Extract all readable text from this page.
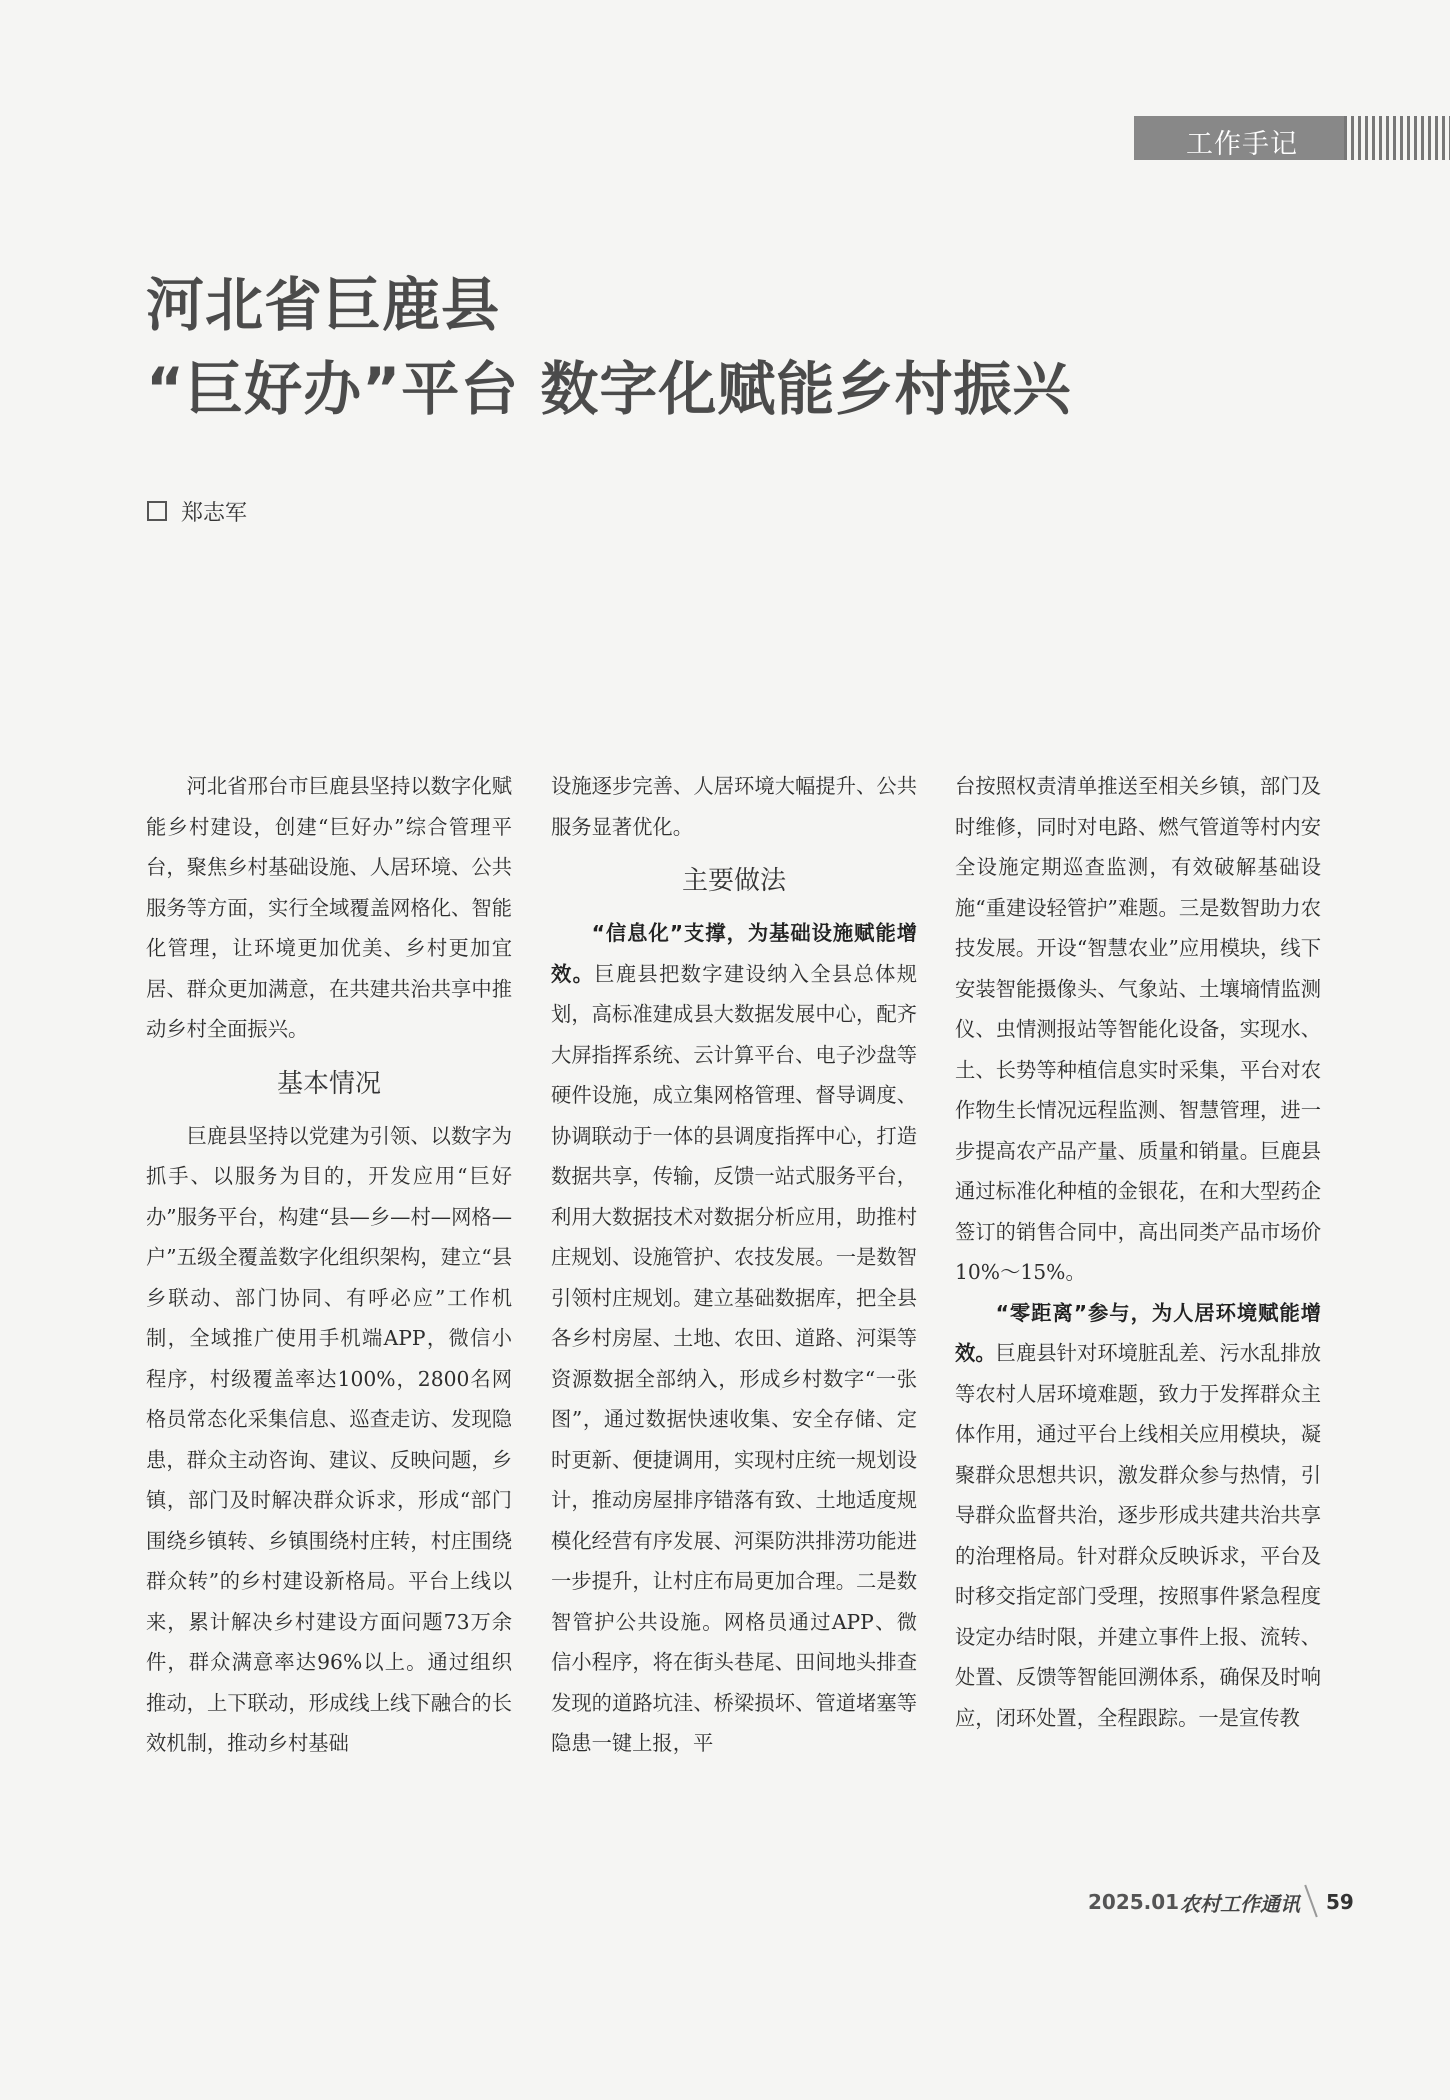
工作手记
河北省巨鹿县
“巨好办”平台 数字化赋能乡村振兴
郑志军

河北省邢台市巨鹿县坚持以数字化赋能乡村建设，创建“巨好办”综合管理平台，聚焦乡村基础设施、人居环境、公共服务等方面，实行全域覆盖网格化、智能化管理，让环境更加优美、乡村更加宜居、群众更加满意，在共建共治共享中推动乡村全面振兴。

基本情况

巨鹿县坚持以党建为引领、以数字为抓手、以服务为目的，开发应用“巨好办”服务平台，构建“县—乡—村—网格—户”五级全覆盖数字化组织架构，建立“县乡联动、部门协同、有呼必应”工作机制，全域推广使用手机端APP，微信小程序，村级覆盖率达100%，2800名网格员常态化采集信息、巡查走访、发现隐患，群众主动咨询、建议、反映问题，乡镇，部门及时解决群众诉求，形成“部门围绕乡镇转、乡镇围绕村庄转，村庄围绕群众转”的乡村建设新格局。平台上线以来，累计解决乡村建设方面问题73万余件，群众满意率达96%以上。通过组织推动，上下联动，形成线上线下融合的长效机制，推动乡村基础

设施逐步完善、人居环境大幅提升、公共服务显著优化。

主要做法

“信息化”支撑，为基础设施赋能增效。巨鹿县把数字建设纳入全县总体规划，高标准建成县大数据发展中心，配齐大屏指挥系统、云计算平台、电子沙盘等硬件设施，成立集网格管理、督导调度、协调联动于一体的县调度指挥中心，打造数据共享，传输，反馈一站式服务平台，利用大数据技术对数据分析应用，助推村庄规划、设施管护、农技发展。一是数智引领村庄规划。建立基础数据库，把全县各乡村房屋、土地、农田、道路、河渠等资源数据全部纳入，形成乡村数字“一张图”，通过数据快速收集、安全存储、定时更新、便捷调用，实现村庄统一规划设计，推动房屋排序错落有致、土地适度规模化经营有序发展、河渠防洪排涝功能进一步提升，让村庄布局更加合理。二是数智管护公共设施。网格员通过APP、微信小程序，将在街头巷尾、田间地头排查发现的道路坑洼、桥梁损坏、管道堵塞等隐患一键上报，平

台按照权责清单推送至相关乡镇，部门及时维修，同时对电路、燃气管道等村内安全设施定期巡查监测，有效破解基础设施“重建设轻管护”难题。三是数智助力农技发展。开设“智慧农业”应用模块，线下安装智能摄像头、气象站、土壤墒情监测仪、虫情测报站等智能化设备，实现水、土、长势等种植信息实时采集，平台对农作物生长情况远程监测、智慧管理，进一步提高农产品产量、质量和销量。巨鹿县通过标准化种植的金银花，在和大型药企签订的销售合同中，高出同类产品市场价10%～15%。

“零距离”参与，为人居环境赋能增效。巨鹿县针对环境脏乱差、污水乱排放等农村人居环境难题，致力于发挥群众主体作用，通过平台上线相关应用模块，凝聚群众思想共识，激发群众参与热情，引导群众监督共治，逐步形成共建共治共享的治理格局。针对群众反映诉求，平台及时移交指定部门受理，按照事件紧急程度设定办结时限，并建立事件上报、流转、处置、反馈等智能回溯体系，确保及时响应，闭环处置，全程跟踪。一是宣传教

2025.01 农村工作通讯 59
